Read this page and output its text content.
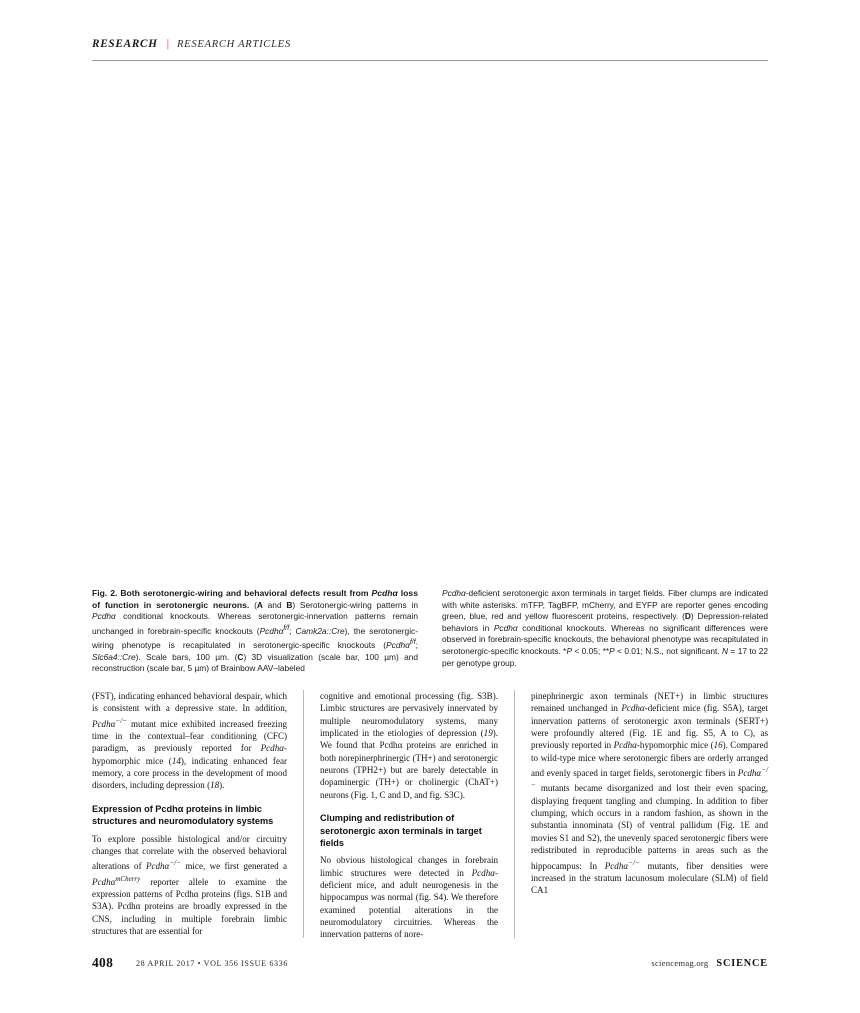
RESEARCH | RESEARCH ARTICLES
Fig. 2. Both serotonergic-wiring and behavioral defects result from Pcdhα loss of function in serotonergic neurons. (A and B) Serotonergic-wiring patterns in Pcdhα conditional knockouts. Whereas serotonergic-innervation patterns remain unchanged in forebrain-specific knockouts (Pcdhα$^{f/f}$; Camk2a::Cre), the serotonergic-wiring phenotype is recapitulated in serotonergic-specific knockouts (Pcdhα$^{f/f}$; Slc6a4::Cre). Scale bars, 100 µm. (C) 3D visualization (scale bar, 100 µm) and reconstruction (scale bar, 5 µm) of Brainbow AAV–labeled
Pcdhα-deficient serotonergic axon terminals in target fields. Fiber clumps are indicated with white asterisks. mTFP, TagBFP, mCherry, and EYFP are reporter genes encoding green, blue, red and yellow fluorescent proteins, respectively. (D) Depression-related behaviors in Pcdhα conditional knockouts. Whereas no significant differences were observed in forebrain-specific knockouts, the behavioral phenotype was recapitulated in serotonergic-specific knockouts. *P < 0.05; **P < 0.01; N.S., not significant. N = 17 to 22 per genotype group.

(FST), indicating enhanced behavioral despair, which is consistent with a depressive state. In addition, Pcdhα−/− mutant mice exhibited increased freezing time in the contextual–fear conditioning (CFC) paradigm, as previously reported for Pcdhα-hypomorphic mice (14), indicating enhanced fear memory, a core process in the development of mood disorders, including depression (18).

Expression of Pcdhα proteins in limbic structures and neuromodulatory systems

To explore possible histological and/or circuitry changes that correlate with the observed behavioral alterations of Pcdhα−/− mice, we first generated a Pcdhα$^{mCherry}$ reporter allele to examine the expression patterns of Pcdhα proteins (figs. S1B and S3A). Pcdhα proteins are broadly expressed in the CNS, including in multiple forebrain limbic structures that are essential for

cognitive and emotional processing (fig. S3B). Limbic structures are pervasively innervated by multiple neuromodulatory systems, many implicated in the etiologies of depression (19). We found that Pcdhα proteins are enriched in both norepinerphrinergic (TH+) and serotonergic neurons (TPH2+) but are barely detectable in dopaminergic (TH+) or cholinergic (ChAT+) neurons (Fig. 1, C and D, and fig. S3C).

Clumping and redistribution of serotonergic axon terminals in target fields

No obvious histological changes in forebrain limbic structures were detected in Pcdhα-deficient mice, and adult neurogenesis in the hippocampus was normal (fig. S4). We therefore examined potential alterations in the neuromodulatory circuitries. Whereas the innervation patterns of nore-

pinephrinergic axon terminals (NET+) in limbic structures remained unchanged in Pcdhα-deficient mice (fig. S5A), target innervation patterns of serotonergic axon terminals (SERT+) were profoundly altered (Fig. 1E and fig. S5, A to C), as previously reported in Pcdhα-hypomorphic mice (16). Compared to wild-type mice where serotonergic fibers are orderly arranged and evenly spaced in target fields, serotonergic fibers in Pcdhα−/− mutants became disorganized and lost their even spacing, displaying frequent tangling and clumping. In addition to fiber clumping, which occurs in a random fashion, as shown in the substantia innominata (SI) of ventral pallidum (Fig. 1E and movies S1 and S2), the unevenly spaced serotonergic fibers were redistributed in reproducible patterns in areas such as the hippocampus: In Pcdhα−/− mutants, fiber densities were increased in the stratum lacunosum moleculare (SLM) of field CA1

408	28 APRIL 2017 • VOL 356 ISSUE 6336	sciencemag.org SCIENCE
